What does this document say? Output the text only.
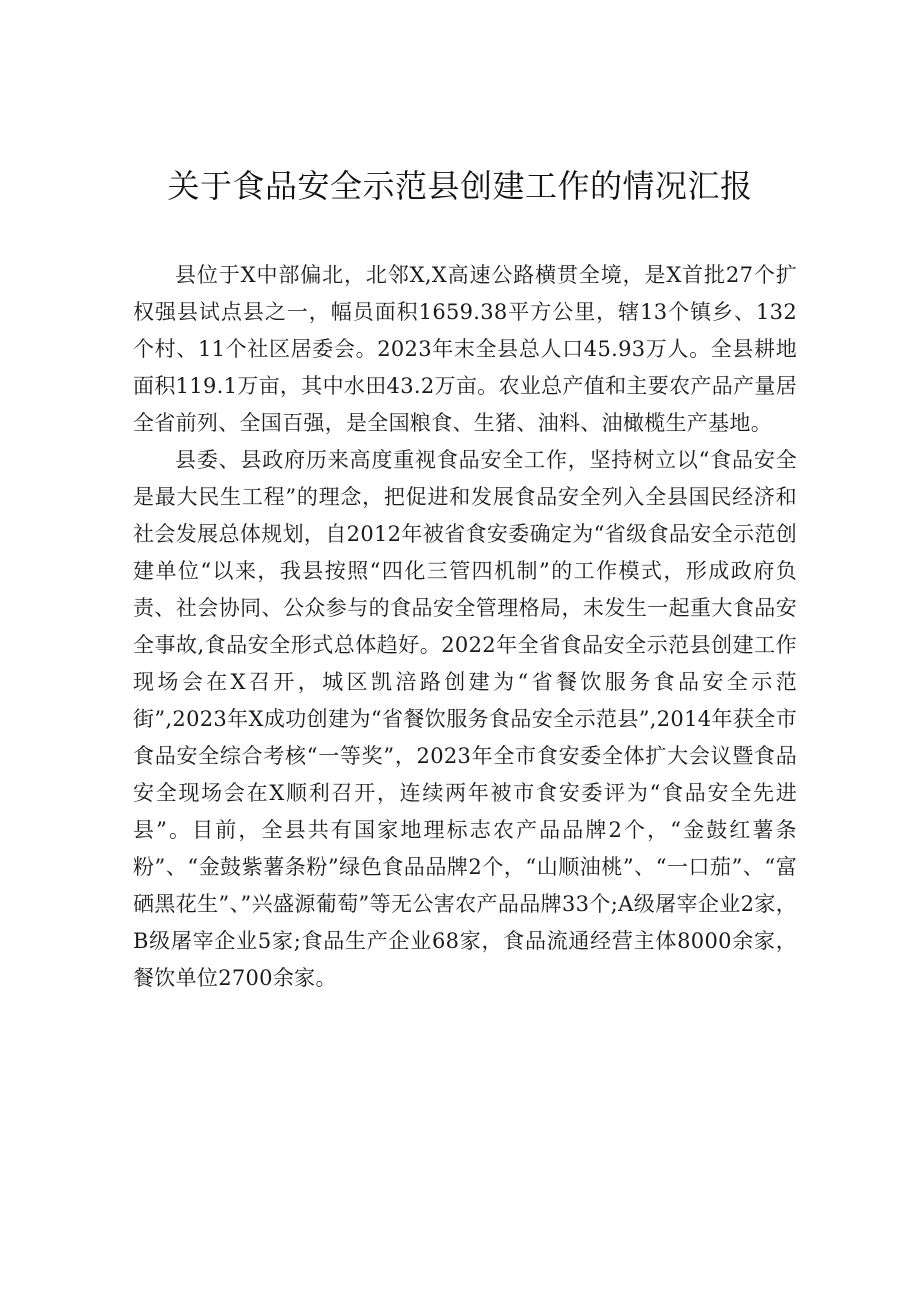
关于食品安全示范县创建工作的情况汇报

县位于X中部偏北，北邻X,X高速公路横贯全境，是X首批27个扩权强县试点县之一，幅员面积1659.38平方公里，辖13个镇乡、132个村、11个社区居委会。2023年末全县总人口45.93万人。全县耕地面积119.1万亩，其中水田43.2万亩。农业总产值和主要农产品产量居全省前列、全国百强，是全国粮食、生猪、油料、油橄榄生产基地。

县委、县政府历来高度重视食品安全工作，坚持树立以“食品安全是最大民生工程”的理念，把促进和发展食品安全列入全县国民经济和社会发展总体规划，自2012年被省食安委确定为“省级食品安全示范创建单位“以来，我县按照“四化三管四机制”的工作模式，形成政府负责、社会协同、公众参与的食品安全管理格局，未发生一起重大食品安全事故,食品安全形式总体趋好。2022年全省食品安全示范县创建工作现场会在X召开，城区凯涪路创建为“省餐饮服务食品安全示范街”,2023年X成功创建为“省餐饮服务食品安全示范县”,2014年获全市食品安全综合考核“一等奖”，2023年全市食安委全体扩大会议暨食品安全现场会在X顺利召开，连续两年被市食安委评为“食品安全先进县”。目前，全县共有国家地理标志农产品品牌2个，“金鼓红薯条粉”、“金鼓紫薯条粉”绿色食品品牌2个，“山顺油桃”、“一口茄”、“富硒黑花生”、”兴盛源葡萄”等无公害农产品品牌33个;A级屠宰企业2家，B级屠宰企业5家;食品生产企业68家，食品流通经营主体8000余家，餐饮单位2700余家。
